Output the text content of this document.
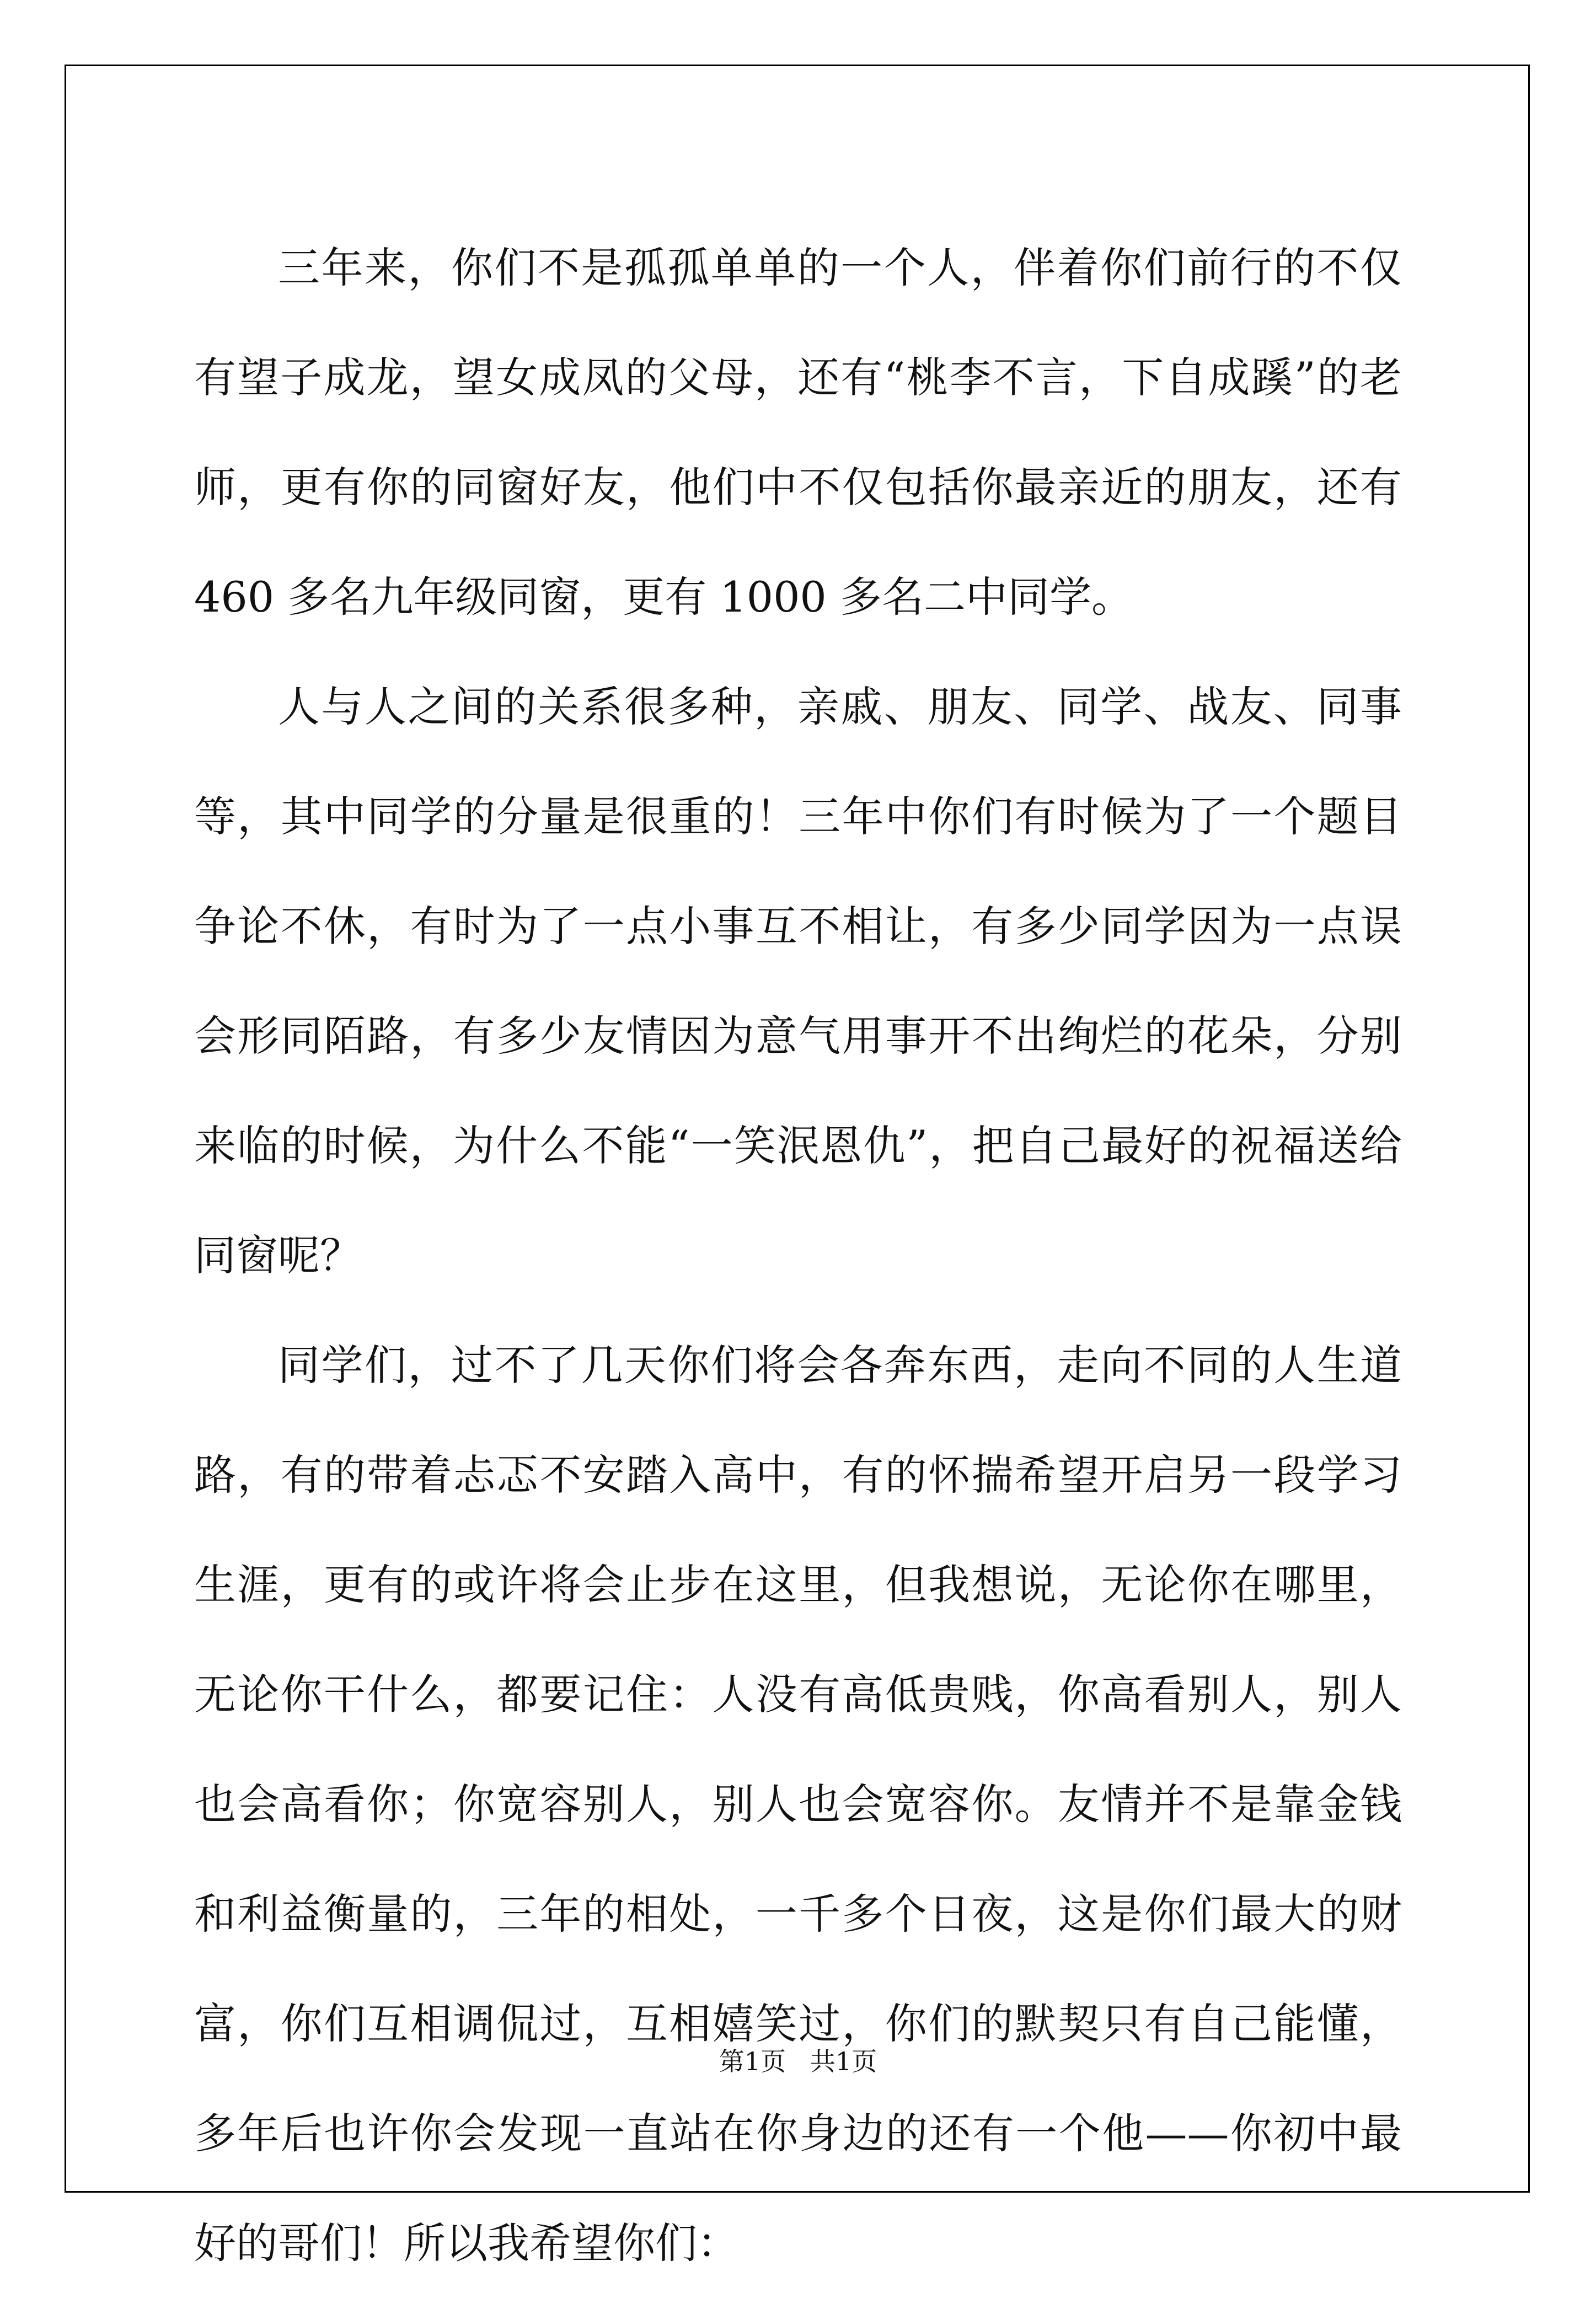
三年来，你们不是孤孤单单的一个人，伴着你们前行的不仅有望子成龙，望女成凤的父母，还有“桃李不言，下自成蹊”的老师，更有你的同窗好友，他们中不仅包括你最亲近的朋友，还有 460 多名九年级同窗，更有 1000 多名二中同学。

人与人之间的关系很多种，亲戚、朋友、同学、战友、同事等，其中同学的分量是很重的！三年中你们有时候为了一个题目争论不休，有时为了一点小事互不相让，有多少同学因为一点误会形同陌路，有多少友情因为意气用事开不出绚烂的花朵，分别来临的时候，为什么不能“一笑泯恩仇”，把自己最好的祝福送给同窗呢？

同学们，过不了几天你们将会各奔东西，走向不同的人生道路，有的带着忐忑不安踏入高中，有的怀揣希望开启另一段学习生涯，更有的或许将会止步在这里，但我想说，无论你在哪里，无论你干什么，都要记住：人没有高低贵贱，你高看别人，别人也会高看你；你宽容别人，别人也会宽容你。友情并不是靠金钱和利益衡量的，三年的相处，一千多个日夜，这是你们最大的财富，你们互相调侃过，互相嬉笑过，你们的默契只有自己能懂，多年后也许你会发现一直站在你身边的还有一个他——你初中最好的哥们！所以我希望你们：

第1页   共1页
